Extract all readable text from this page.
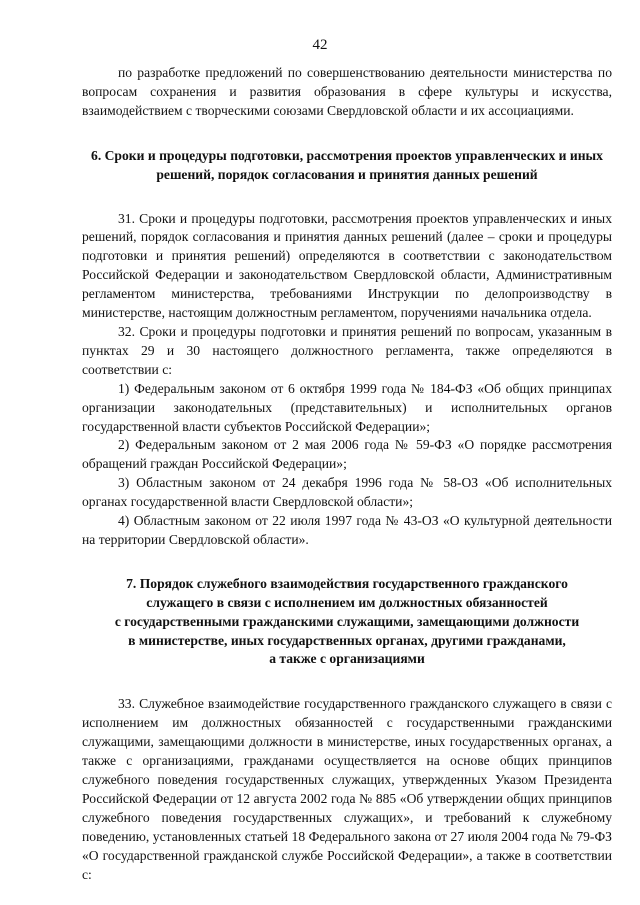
42

по разработке предложений по совершенствованию деятельности министерства по вопросам сохранения и развития образования в сфере культуры и искусства, взаимодействием с творческими союзами Свердловской области и их ассоциациями.

6. Сроки и процедуры подготовки, рассмотрения проектов управленческих и иных решений, порядок согласования и принятия данных решений

31. Сроки и процедуры подготовки, рассмотрения проектов управленческих и иных решений, порядок согласования и принятия данных решений (далее – сроки и процедуры подготовки и принятия решений) определяются в соответствии с законодательством Российской Федерации и законодательством Свердловской области, Административным регламентом министерства, требованиями Инструкции по делопроизводству в министерстве, настоящим должностным регламентом, поручениями начальника отдела.

32. Сроки и процедуры подготовки и принятия решений по вопросам, указанным в пунктах 29 и 30 настоящего должностного регламента, также определяются в соответствии с:

1) Федеральным законом от 6 октября 1999 года № 184-ФЗ «Об общих принципах организации законодательных (представительных) и исполнительных органов государственной власти субъектов Российской Федерации»;

2) Федеральным законом от 2 мая 2006 года № 59-ФЗ «О порядке рассмотрения обращений граждан Российской Федерации»;

3) Областным законом от 24 декабря 1996 года № 58-ОЗ «Об исполнительных органах государственной власти Свердловской области»;

4) Областным законом от 22 июля 1997 года № 43-ОЗ «О культурной деятельности на территории Свердловской области».

7. Порядок служебного взаимодействия государственного гражданского
служащего в связи с исполнением им должностных обязанностей
с государственными гражданскими служащими, замещающими должности
в министерстве, иных государственных органах, другими гражданами,
а также с организациями

33. Служебное взаимодействие государственного гражданского служащего в связи с исполнением им должностных обязанностей с государственными гражданскими служащими, замещающими должности в министерстве, иных государственных органах, а также с организациями, гражданами осуществляется на основе общих принципов служебного поведения государственных служащих, утвержденных Указом Президента Российской Федерации от 12 августа 2002 года № 885 «Об утверждении общих принципов служебного поведения государственных служащих», и требований к служебному поведению, установленных статьей 18 Федерального закона от 27 июля 2004 года № 79-ФЗ «О государственной гражданской службе Российской Федерации», а также в соответствии с:
